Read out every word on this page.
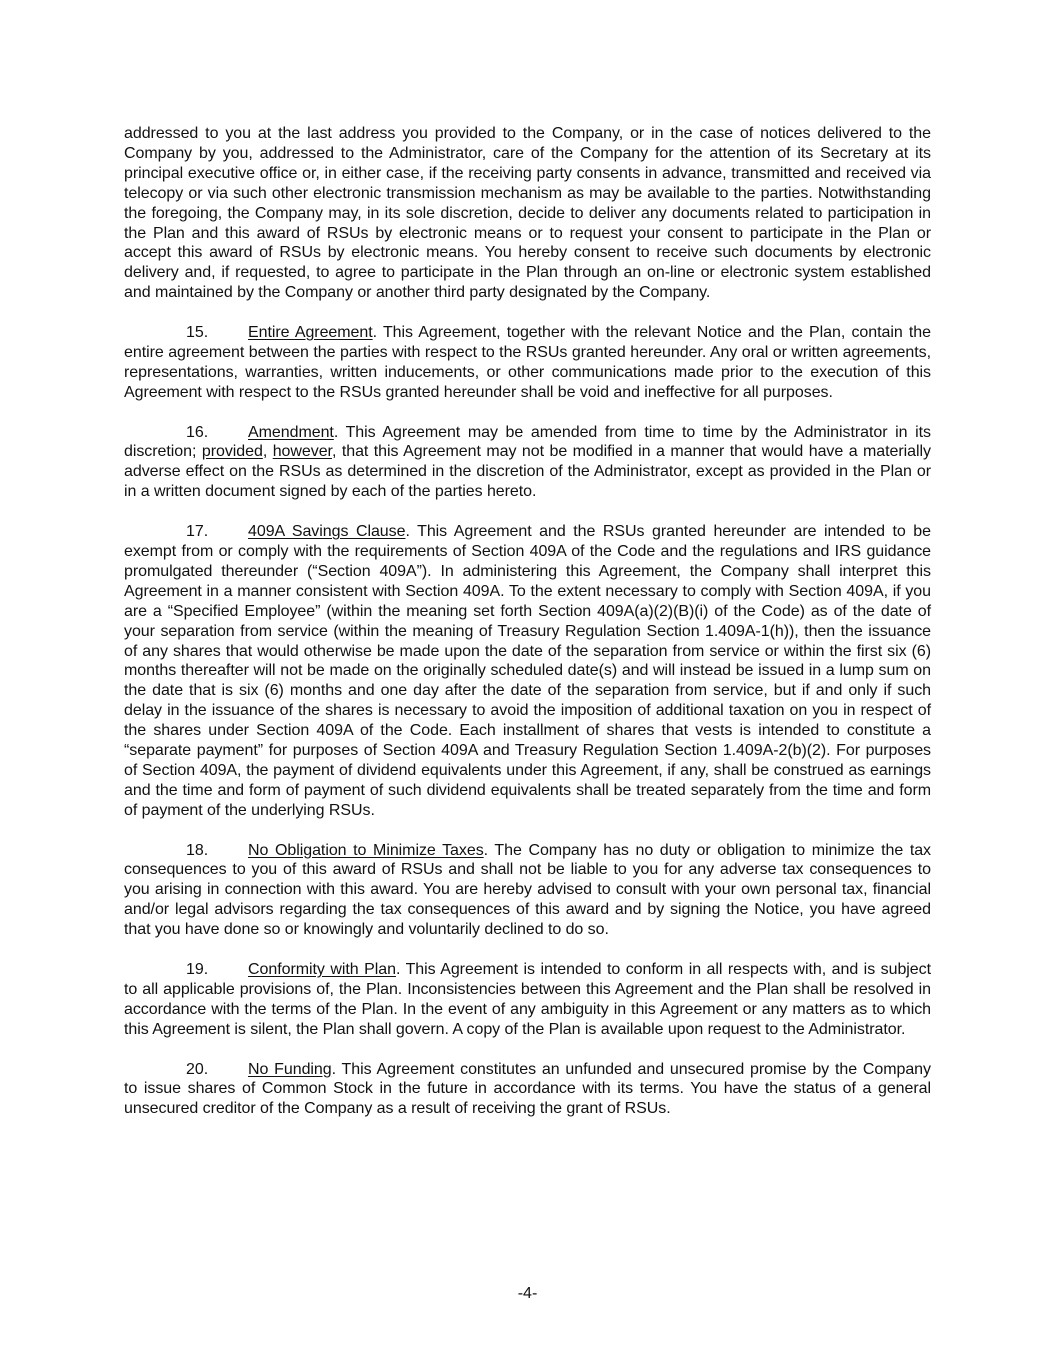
addressed to you at the last address you provided to the Company, or in the case of notices delivered to the Company by you, addressed to the Administrator, care of the Company for the attention of its Secretary at its principal executive office or, in either case, if the receiving party consents in advance, transmitted and received via telecopy or via such other electronic transmission mechanism as may be available to the parties. Notwithstanding the foregoing, the Company may, in its sole discretion, decide to deliver any documents related to participation in the Plan and this award of RSUs by electronic means or to request your consent to participate in the Plan or accept this award of RSUs by electronic means. You hereby consent to receive such documents by electronic delivery and, if requested, to agree to participate in the Plan through an on-line or electronic system established and maintained by the Company or another third party designated by the Company.

15. Entire Agreement. This Agreement, together with the relevant Notice and the Plan, contain the entire agreement between the parties with respect to the RSUs granted hereunder. Any oral or written agreements, representations, warranties, written inducements, or other communications made prior to the execution of this Agreement with respect to the RSUs granted hereunder shall be void and ineffective for all purposes.

16. Amendment. This Agreement may be amended from time to time by the Administrator in its discretion; provided, however, that this Agreement may not be modified in a manner that would have a materially adverse effect on the RSUs as determined in the discretion of the Administrator, except as provided in the Plan or in a written document signed by each of the parties hereto.

17. 409A Savings Clause. This Agreement and the RSUs granted hereunder are intended to be exempt from or comply with the requirements of Section 409A of the Code and the regulations and IRS guidance promulgated thereunder (“Section 409A”). In administering this Agreement, the Company shall interpret this Agreement in a manner consistent with Section 409A. To the extent necessary to comply with Section 409A, if you are a “Specified Employee” (within the meaning set forth Section 409A(a)(2)(B)(i) of the Code) as of the date of your separation from service (within the meaning of Treasury Regulation Section 1.409A-1(h)), then the issuance of any shares that would otherwise be made upon the date of the separation from service or within the first six (6) months thereafter will not be made on the originally scheduled date(s) and will instead be issued in a lump sum on the date that is six (6) months and one day after the date of the separation from service, but if and only if such delay in the issuance of the shares is necessary to avoid the imposition of additional taxation on you in respect of the shares under Section 409A of the Code. Each installment of shares that vests is intended to constitute a “separate payment” for purposes of Section 409A and Treasury Regulation Section 1.409A-2(b)(2). For purposes of Section 409A, the payment of dividend equivalents under this Agreement, if any, shall be construed as earnings and the time and form of payment of such dividend equivalents shall be treated separately from the time and form of payment of the underlying RSUs.

18. No Obligation to Minimize Taxes. The Company has no duty or obligation to minimize the tax consequences to you of this award of RSUs and shall not be liable to you for any adverse tax consequences to you arising in connection with this award. You are hereby advised to consult with your own personal tax, financial and/or legal advisors regarding the tax consequences of this award and by signing the Notice, you have agreed that you have done so or knowingly and voluntarily declined to do so.

19. Conformity with Plan. This Agreement is intended to conform in all respects with, and is subject to all applicable provisions of, the Plan. Inconsistencies between this Agreement and the Plan shall be resolved in accordance with the terms of the Plan. In the event of any ambiguity in this Agreement or any matters as to which this Agreement is silent, the Plan shall govern. A copy of the Plan is available upon request to the Administrator.

20. No Funding. This Agreement constitutes an unfunded and unsecured promise by the Company to issue shares of Common Stock in the future in accordance with its terms. You have the status of a general unsecured creditor of the Company as a result of receiving the grant of RSUs.

-4-
